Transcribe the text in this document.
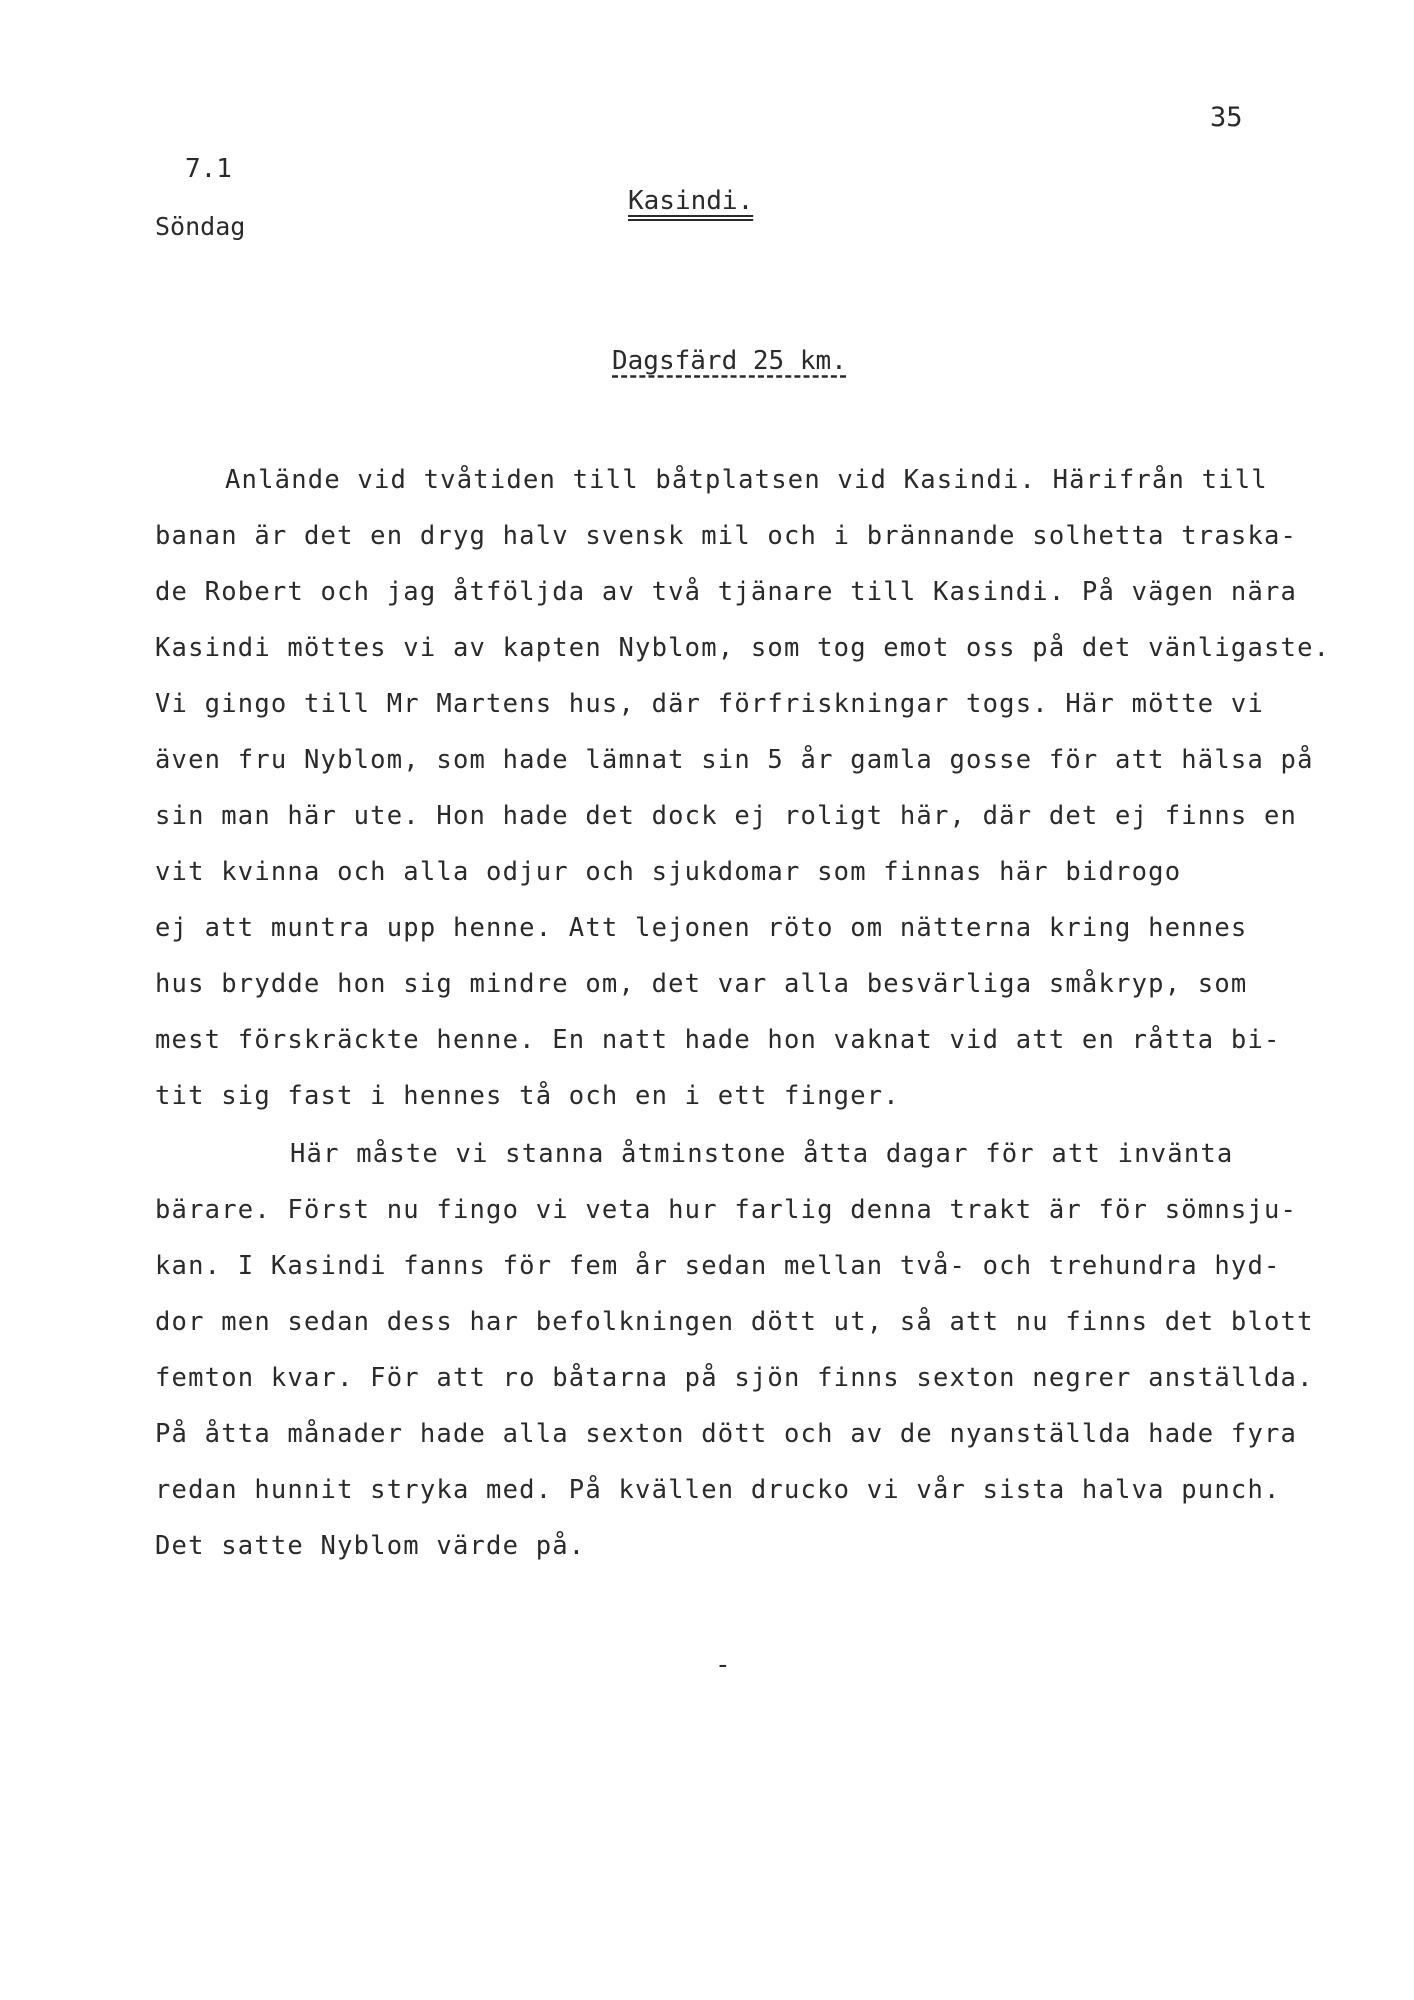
35
7.1
Söndag
Kasindi.
Dagsfärd 25 km.
Anlände vid tvåtiden till båtplatsen vid Kasindi. Härifrån till
banan är det en dryg halv svensk mil och i brännande solhetta traska-
de Robert och jag åtföljda av två tjänare till Kasindi. På vägen nära
Kasindi möttes vi av kapten Nyblom, som tog emot oss på det vänligaste.
Vi gingo till Mr Martens hus, där förfriskningar togs. Här mötte vi
även fru Nyblom, som hade lämnat sin 5 år gamla gosse för att hälsa på
sin man här ute. Hon hade det dock ej roligt här, där det ej finns en
vit kvinna och alla odjur och sjukdomar som finnas här bidrogo
ej att muntra upp henne. Att lejonen röto om nätterna kring hennes
hus brydde hon sig mindre om, det var alla besvärliga småkryp, som
mest förskräckte henne. En natt hade hon vaknat vid att en råtta bi-
tit sig fast i hennes tå och en i ett finger.
Här måste vi stanna åtminstone åtta dagar för att invänta
bärare. Först nu fingo vi veta hur farlig denna trakt är för sömnsju-
kan. I Kasindi fanns för fem år sedan mellan två- och trehundra hyd-
dor men sedan dess har befolkningen dött ut, så att nu finns det blott
femton kvar. För att ro båtarna på sjön finns sexton negrer anställda.
På åtta månader hade alla sexton dött och av de nyanställda hade fyra
redan hunnit stryka med. På kvällen drucko vi vår sista halva punch.
Det satte Nyblom värde på.
-
